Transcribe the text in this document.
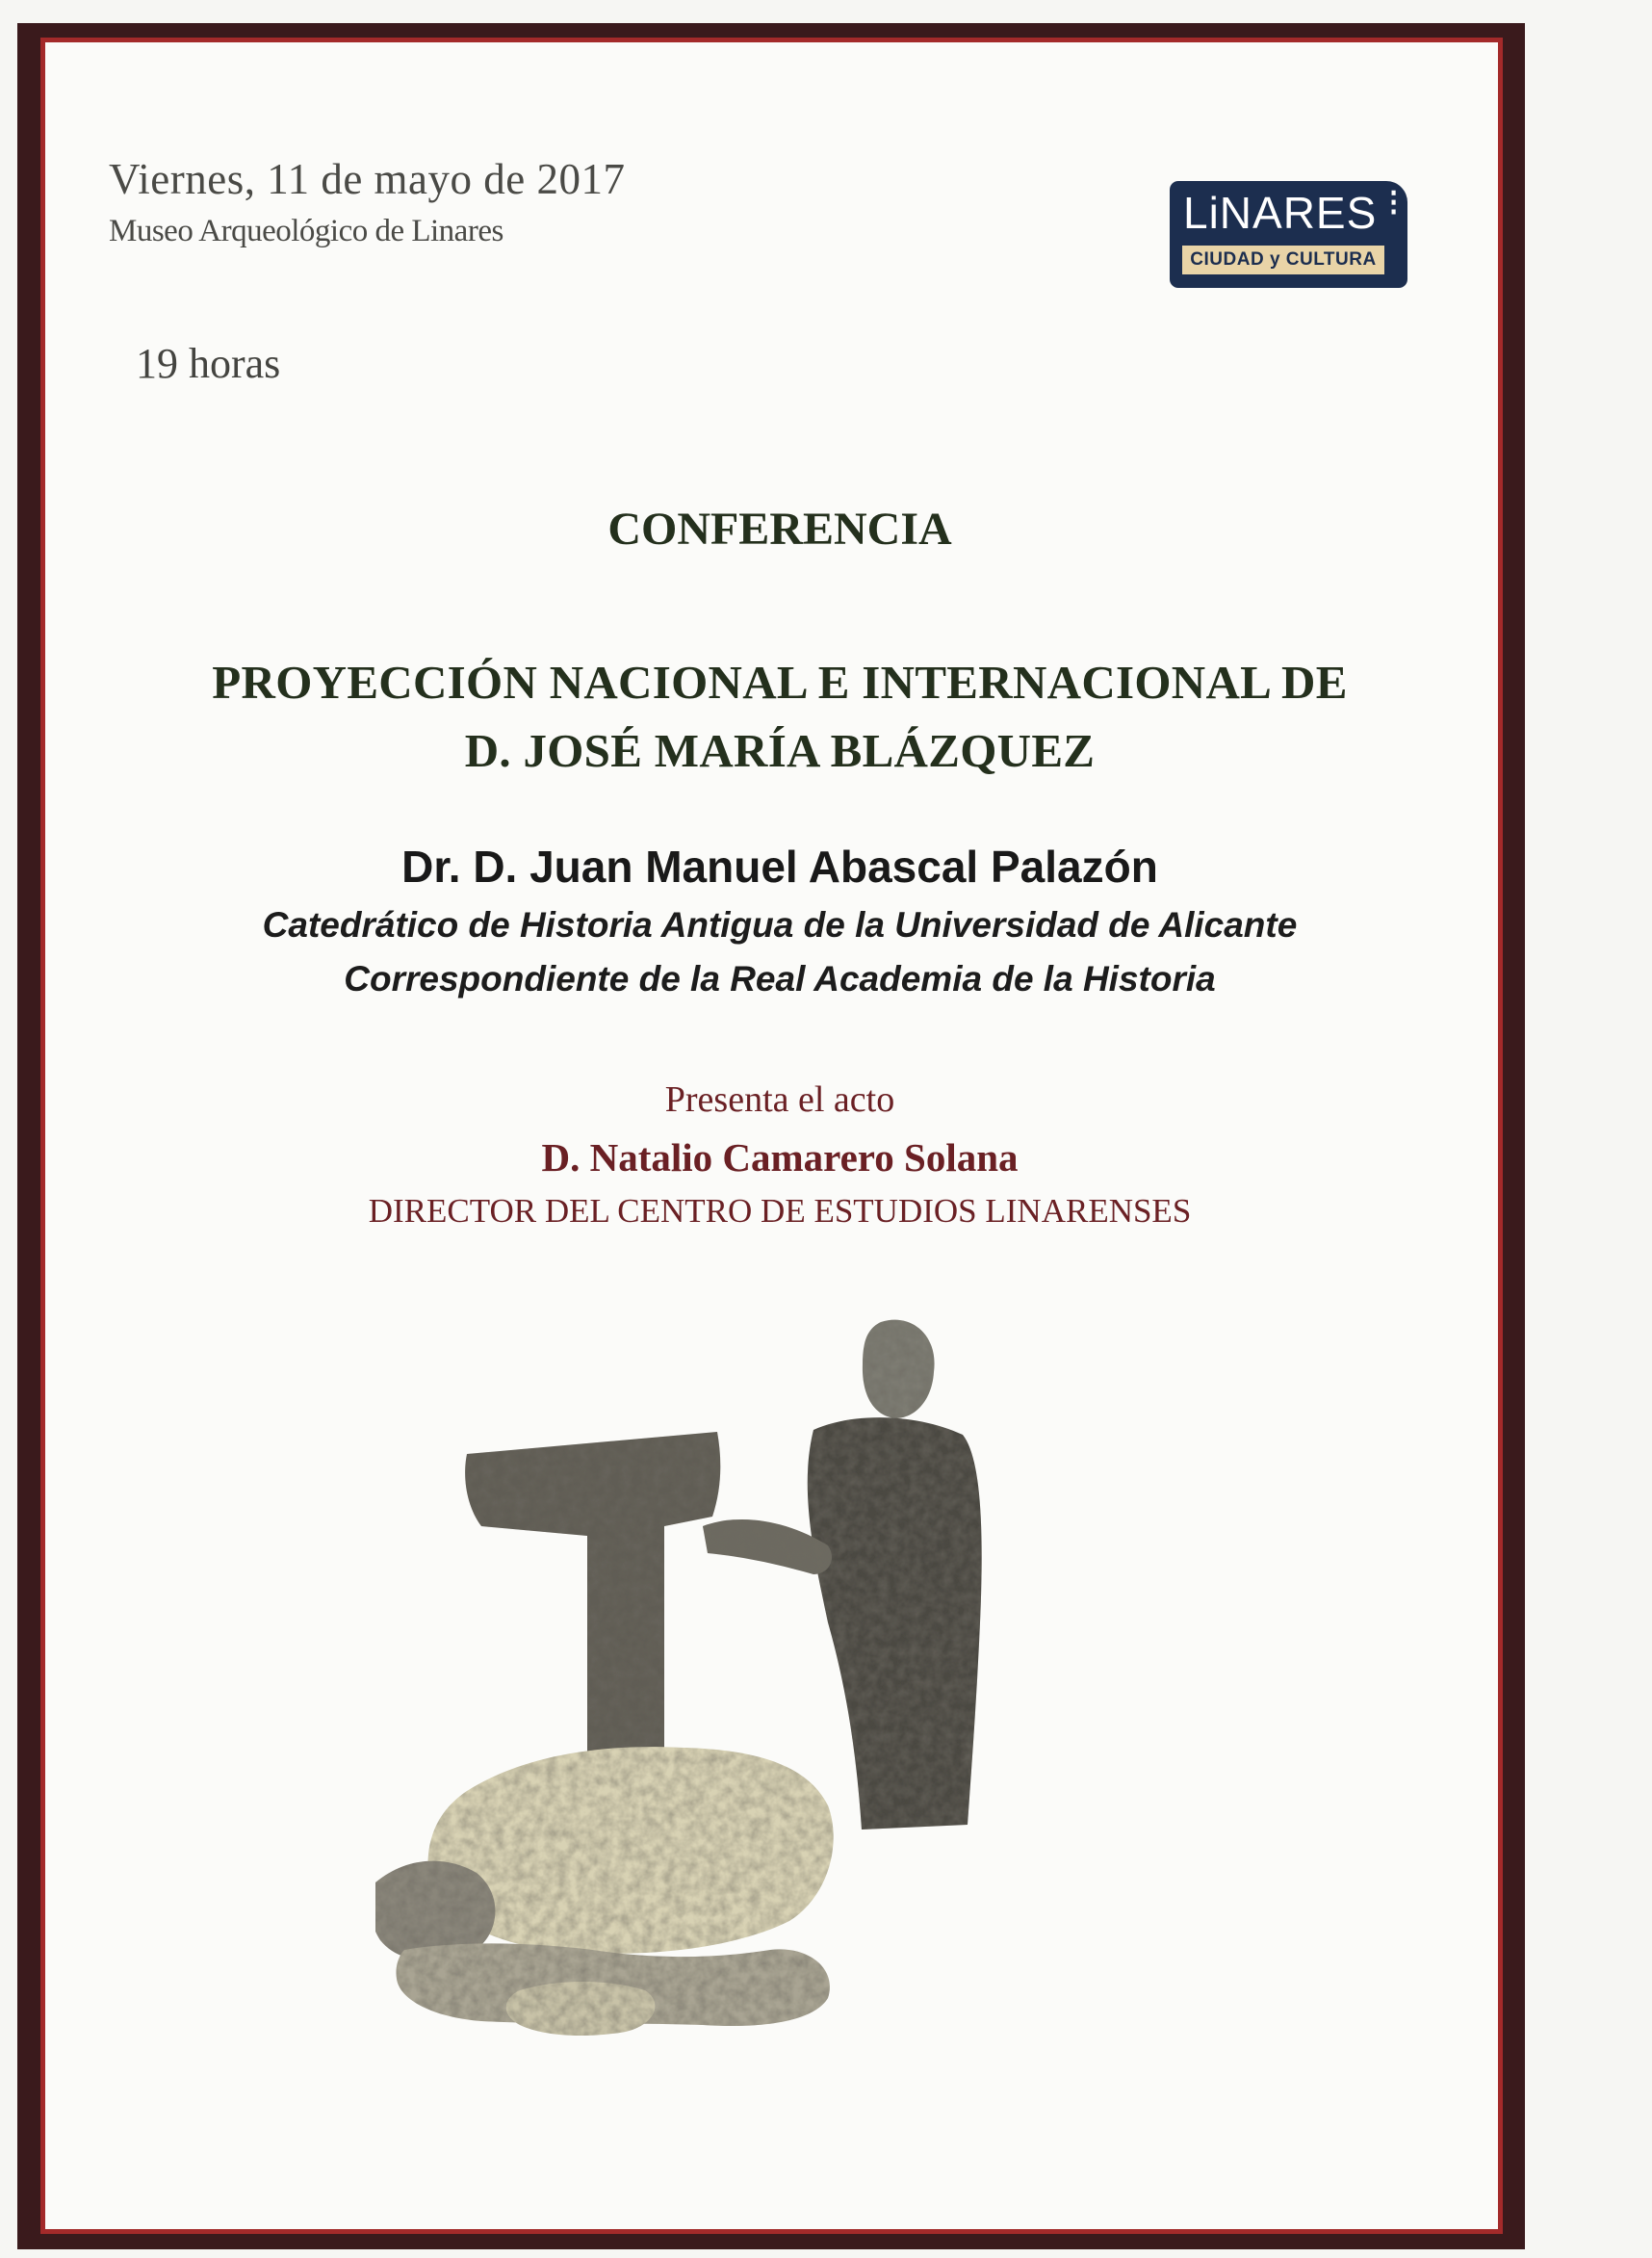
Viernes, 11 de mayo de 2017

Museo Arqueológico de Linares

19 horas

LiNARES ⁝
CIUDAD y CULTURA

CONFERENCIA

PROYECCIÓN NACIONAL E INTERNACIONAL DE

D. JOSÉ MARÍA BLÁZQUEZ

Dr. D. Juan Manuel Abascal Palazón

Catedrático de Historia Antigua de la Universidad de Alicante

Correspondiente de la Real Academia de la Historia

Presenta el acto

D. Natalio Camarero Solana

DIRECTOR DEL CENTRO DE ESTUDIOS LINARENSES
